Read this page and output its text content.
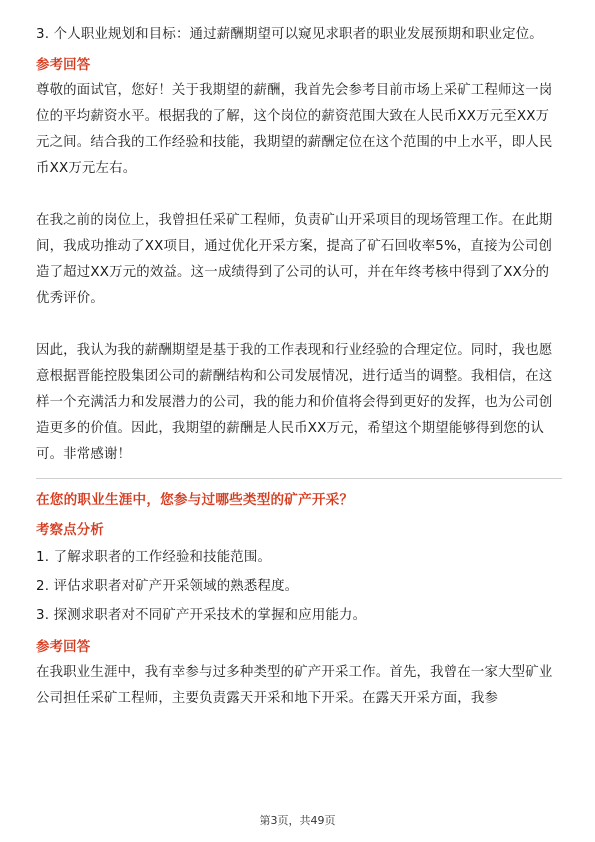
3. 个人职业规划和目标：通过薪酬期望可以窥见求职者的职业发展预期和职业定位。

参考回答

尊敬的面试官，您好！关于我期望的薪酬，我首先会参考目前市场上采矿工程师这一岗位的平均薪资水平。根据我的了解，这个岗位的薪资范围大致在人民币XX万元至XX万元之间。结合我的工作经验和技能，我期望的薪酬定位在这个范围的中上水平，即人民币XX万元左右。

在我之前的岗位上，我曾担任采矿工程师，负责矿山开采项目的现场管理工作。在此期间，我成功推动了XX项目，通过优化开采方案，提高了矿石回收率5%，直接为公司创造了超过XX万元的效益。这一成绩得到了公司的认可，并在年终考核中得到了XX分的优秀评价。

因此，我认为我的薪酬期望是基于我的工作表现和行业经验的合理定位。同时，我也愿意根据晋能控股集团公司的薪酬结构和公司发展情况，进行适当的调整。我相信，在这样一个充满活力和发展潜力的公司，我的能力和价值将会得到更好的发挥，也为公司创造更多的价值。因此，我期望的薪酬是人民币XX万元，希望这个期望能够得到您的认可。非常感谢！

在您的职业生涯中，您参与过哪些类型的矿产开采？

考察点分析

1. 了解求职者的工作经验和技能范围。

2. 评估求职者对矿产开采领域的熟悉程度。

3. 探测求职者对不同矿产开采技术的掌握和应用能力。

参考回答

在我职业生涯中，我有幸参与过多种类型的矿产开采工作。首先，我曾在一家大型矿业公司担任采矿工程师，主要负责露天开采和地下开采。在露天开采方面，我参

第3页，共49页
